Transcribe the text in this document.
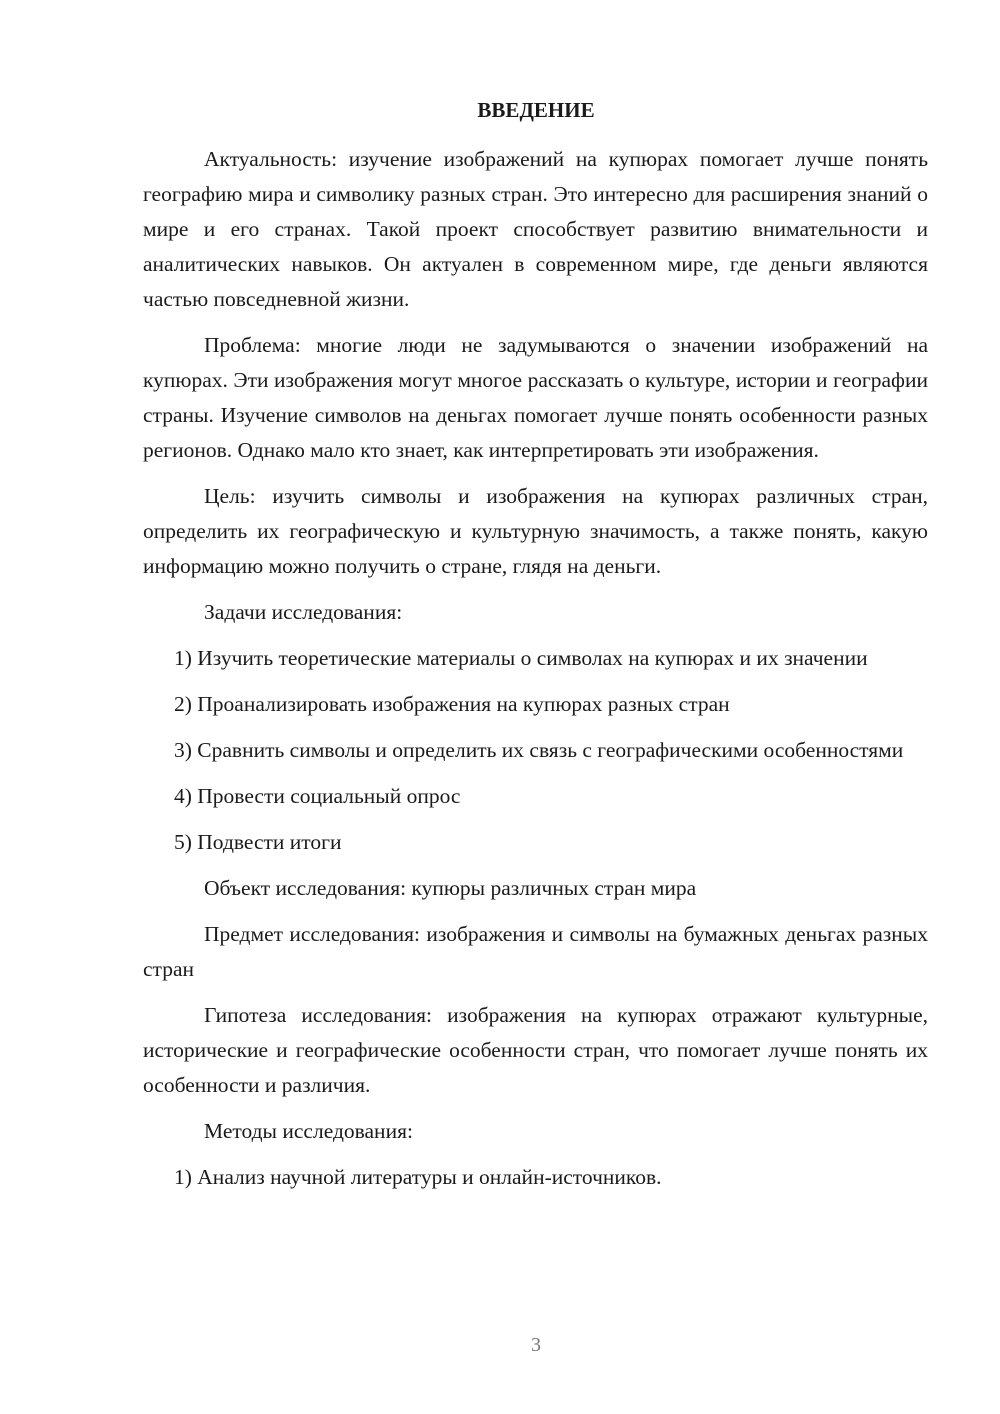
ВВЕДЕНИЕ

Актуальность: изучение изображений на купюрах помогает лучше понять географию мира и символику разных стран. Это интересно для расширения знаний о мире и его странах. Такой проект способствует развитию внимательности и аналитических навыков. Он актуален в современном мире, где деньги являются частью повседневной жизни.

Проблема: многие люди не задумываются о значении изображений на купюрах. Эти изображения могут многое рассказать о культуре, истории и географии страны. Изучение символов на деньгах помогает лучше понять особенности разных регионов. Однако мало кто знает, как интерпретировать эти изображения.

Цель: изучить символы и изображения на купюрах различных стран, определить их географическую и культурную значимость, а также понять, какую информацию можно получить о стране, глядя на деньги.

Задачи исследования:

1) Изучить теоретические материалы о символах на купюрах и их значении

2) Проанализировать изображения на купюрах разных стран

3) Сравнить символы и определить их связь с географическими особенностями

4) Провести социальный опрос

5) Подвести итоги

Объект исследования: купюры различных стран мира

Предмет исследования: изображения и символы на бумажных деньгах разных стран

Гипотеза исследования: изображения на купюрах отражают культурные, исторические и географические особенности стран, что помогает лучше понять их особенности и различия.

Методы исследования:

1) Анализ научной литературы и онлайн-источников.

3
